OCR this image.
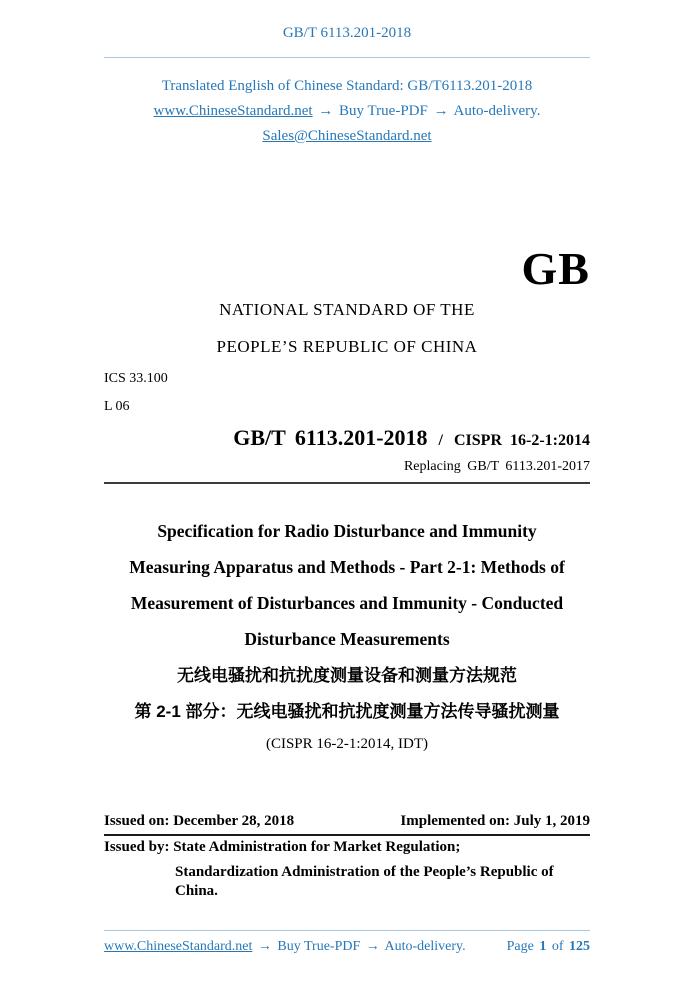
GB/T 6113.201-2018
Translated English of Chinese Standard: GB/T6113.201-2018
www.ChineseStandard.net → Buy True-PDF → Auto-delivery.
Sales@ChineseStandard.net
GB
NATIONAL STANDARD OF THE
PEOPLE’S REPUBLIC OF CHINA
ICS 33.100
L 06
GB/T 6113.201-2018 / CISPR 16-2-1:2014
Replacing GB/T 6113.201-2017
Specification for Radio Disturbance and Immunity
Measuring Apparatus and Methods - Part 2-1: Methods of
Measurement of Disturbances and Immunity - Conducted
Disturbance Measurements
无线电骚扰和抗扰度测量设备和测量方法规范
第 2-1 部分：无线电骚扰和抗扰度测量方法传导骚扰测量
(CISPR 16-2-1:2014, IDT)
Issued on: December 28, 2018	Implemented on: July 1, 2019
Issued by: State Administration for Market Regulation;
Standardization Administration of the People’s Republic of China.
www.ChineseStandard.net → Buy True-PDF → Auto-delivery.	Page 1 of 125
